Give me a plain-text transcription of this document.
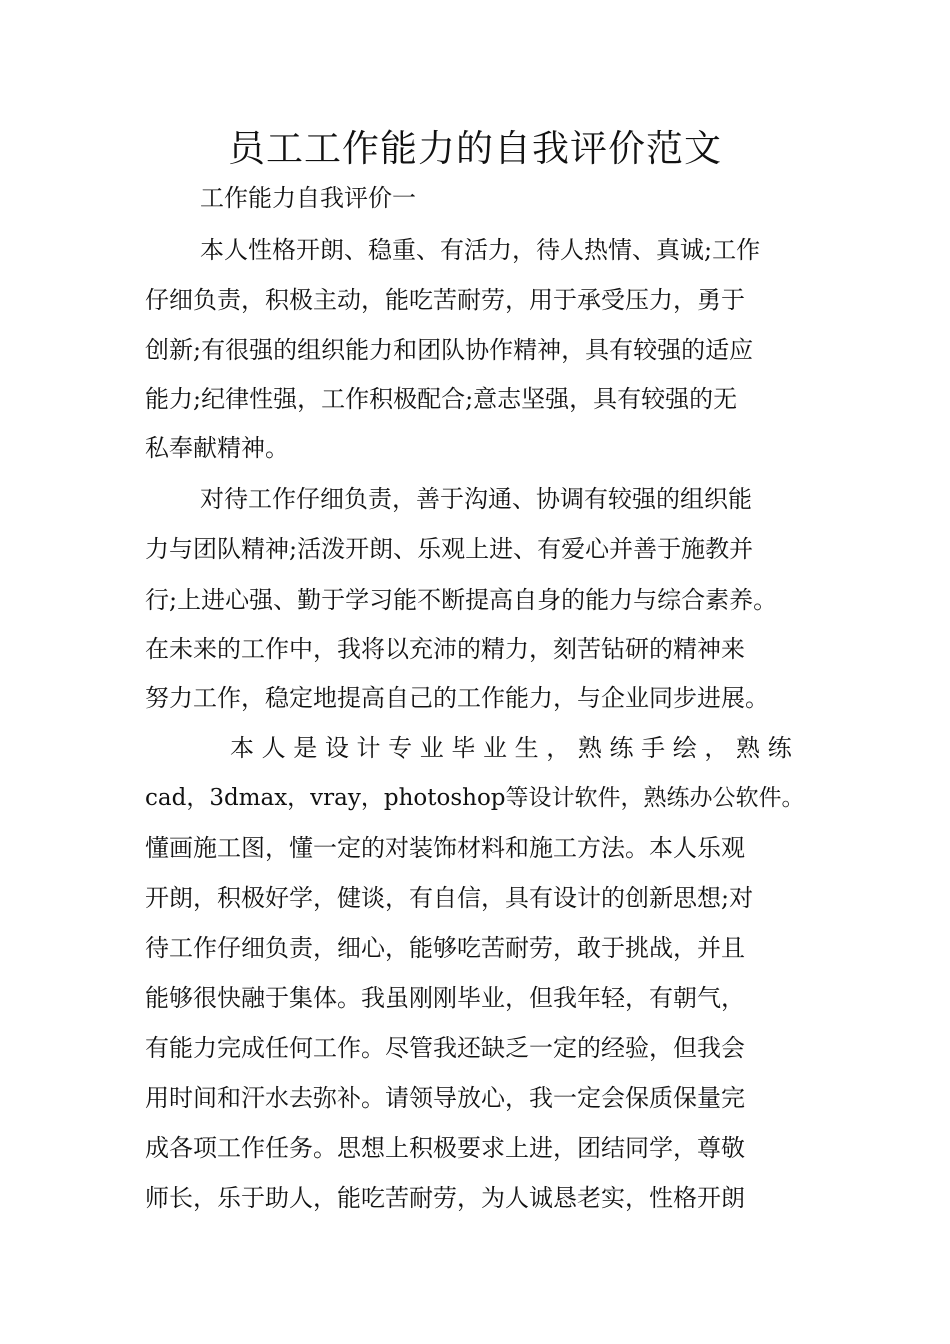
员工工作能力的自我评价范文

工作能力自我评价一

本人性格开朗、稳重、有活力，待人热情、真诚;工作

仔细负责，积极主动，能吃苦耐劳，用于承受压力，勇于

创新;有很强的组织能力和团队协作精神，具有较强的适应

能力;纪律性强，工作积极配合;意志坚强，具有较强的无

私奉献精神。

对待工作仔细负责，善于沟通、协调有较强的组织能

力与团队精神;活泼开朗、乐观上进、有爱心并善于施教并

行;上进心强、勤于学习能不断提高自身的能力与综合素养。

在未来的工作中，我将以充沛的精力，刻苦钻研的精神来

努力工作，稳定地提高自己的工作能力，与企业同步进展。

本 人 是 设 计 专 业 毕 业 生 ， 熟 练 手 绘 ， 熟 练

cad，3dmax，vray，photoshop等设计软件，熟练办公软件。

懂画施工图，懂一定的对装饰材料和施工方法。本人乐观

开朗，积极好学，健谈，有自信，具有设计的创新思想;对

待工作仔细负责，细心，能够吃苦耐劳，敢于挑战，并且

能够很快融于集体。我虽刚刚毕业，但我年轻，有朝气，

有能力完成任何工作。尽管我还缺乏一定的经验，但我会

用时间和汗水去弥补。请领导放心，我一定会保质保量完

成各项工作任务。思想上积极要求上进，团结同学，尊敬

师长，乐于助人，能吃苦耐劳，为人诚恳老实，性格开朗
